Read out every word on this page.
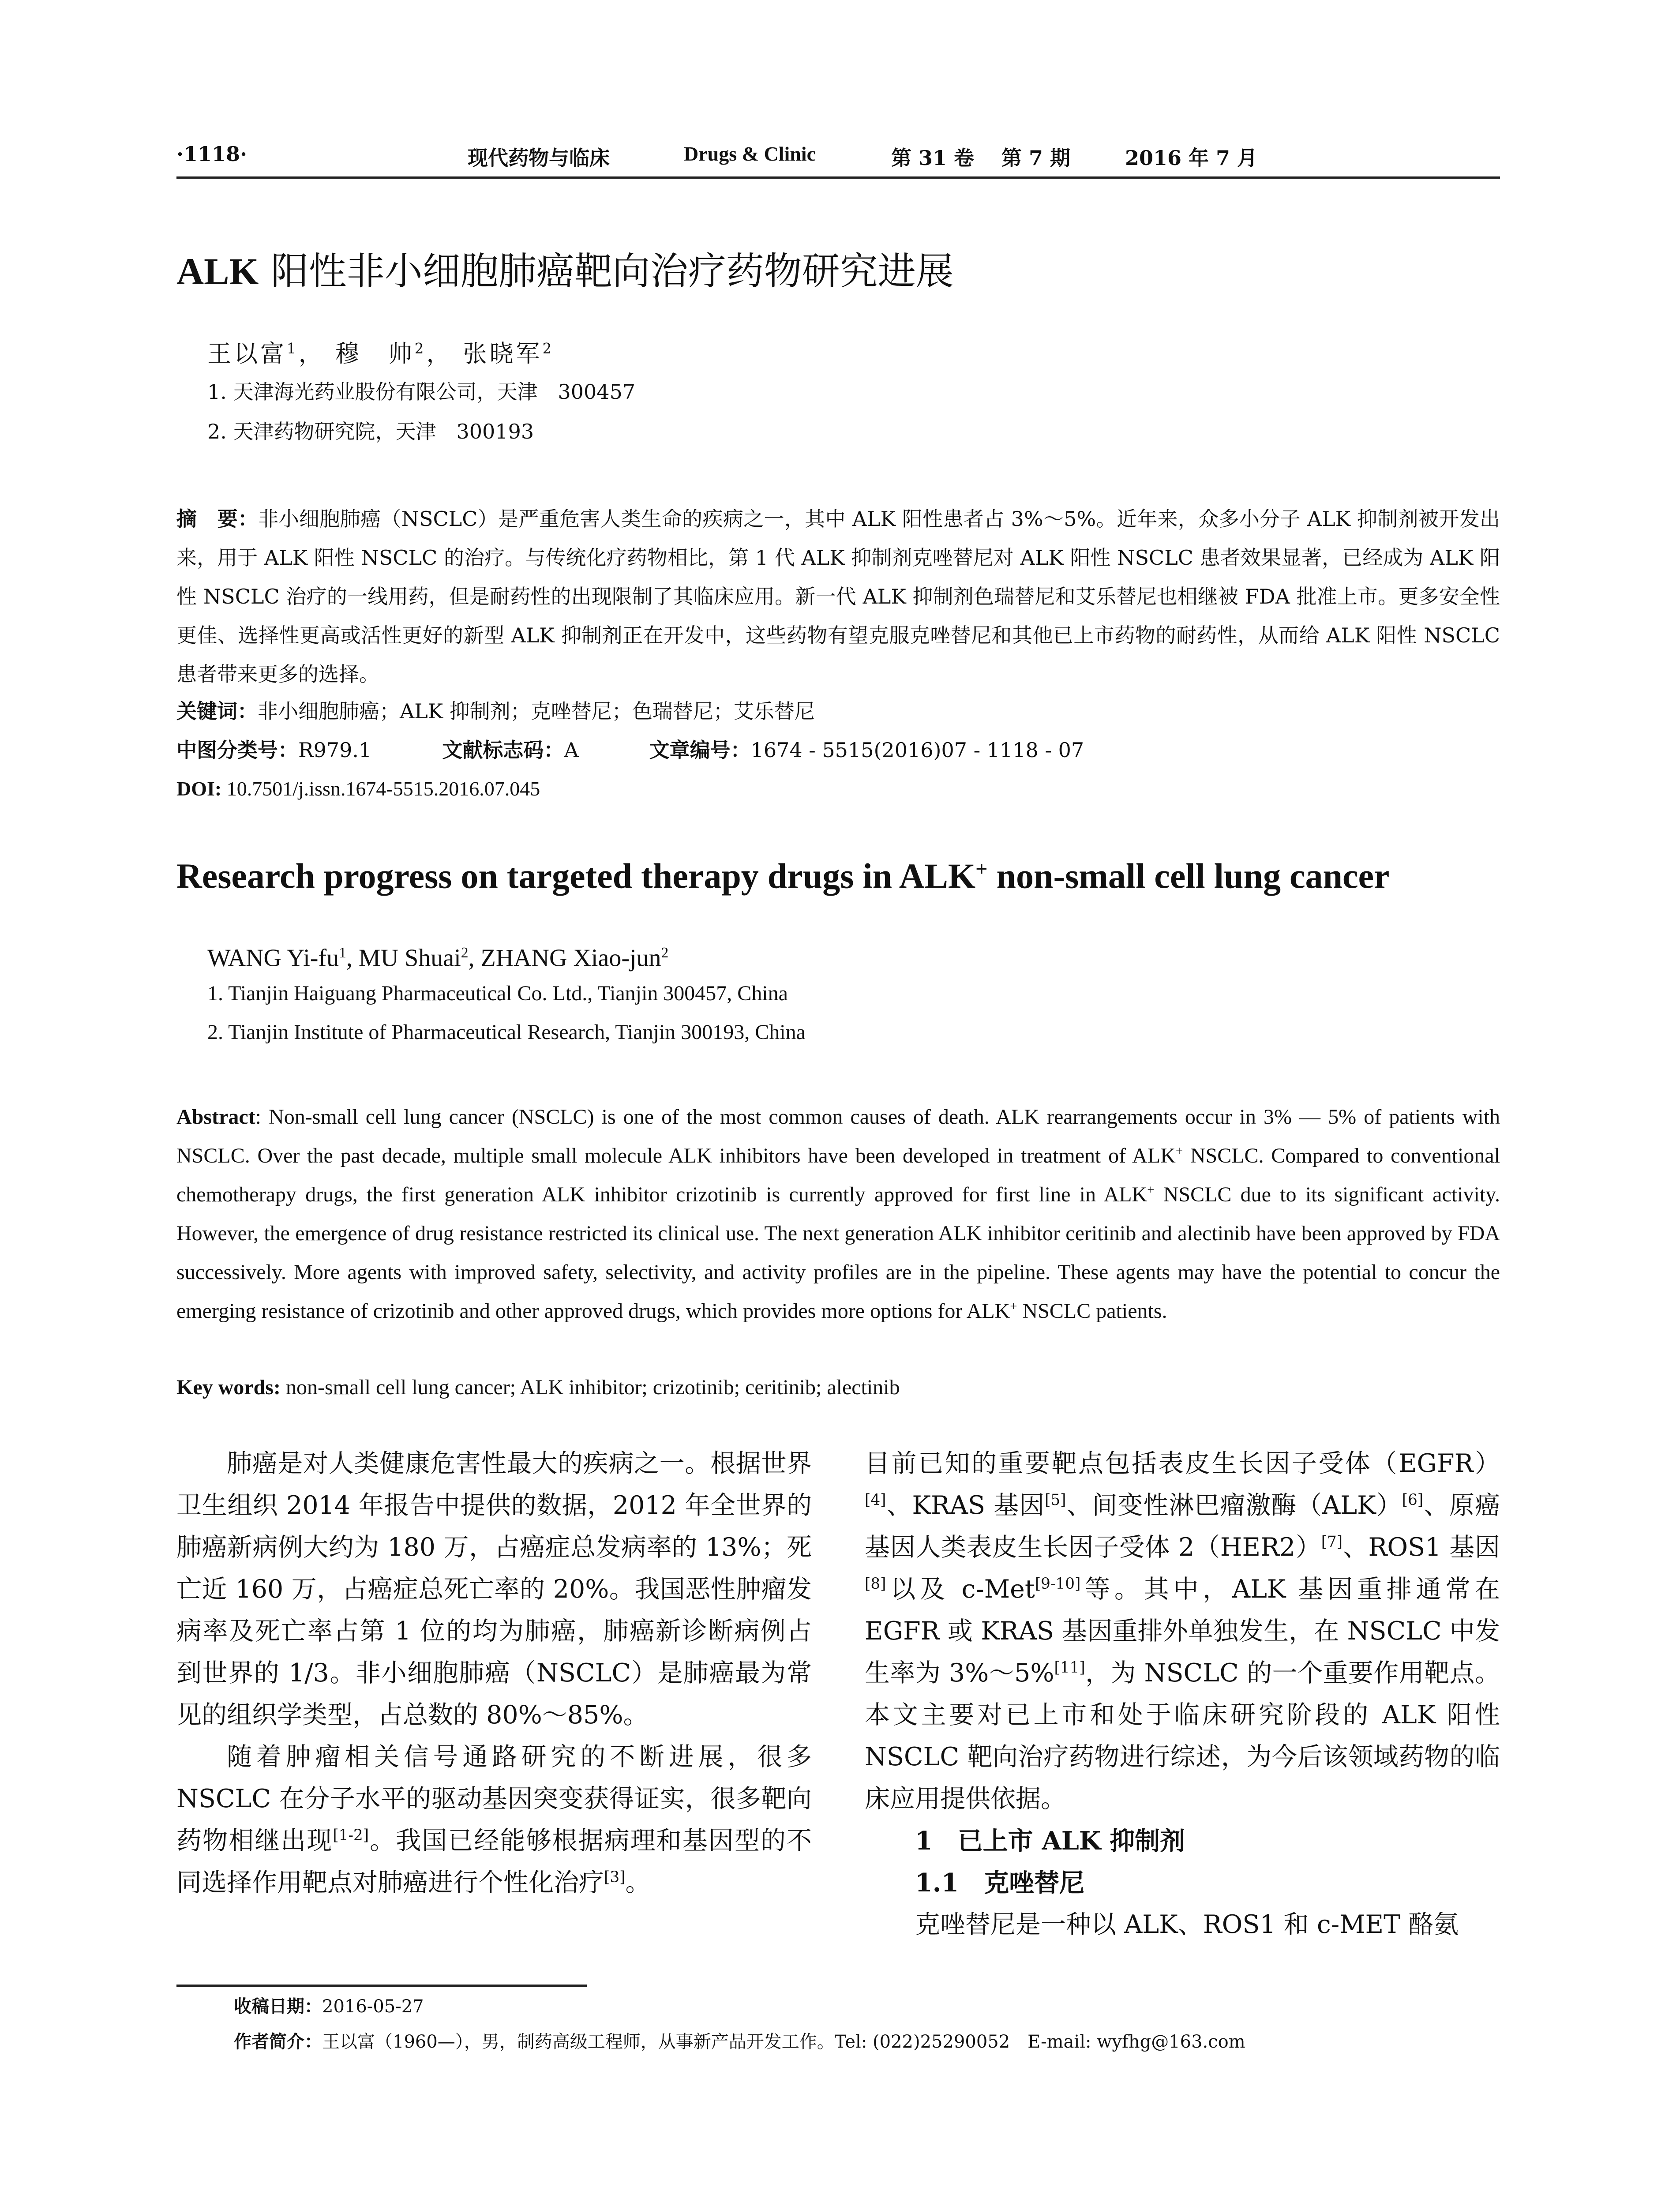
·1118·	现代药物与临床	Drugs & Clinic	第 31 卷 第 7 期	2016 年 7 月
ALK 阳性非小细胞肺癌靶向治疗药物研究进展
王以富$^1$， 穆　帅$^2$， 张晓军$^2$
1. 天津海光药业股份有限公司，天津　300457
2. 天津药物研究院，天津　300193
摘　要：非小细胞肺癌（NSCLC）是严重危害人类生命的疾病之一，其中 ALK 阳性患者占 3%～5%。近年来，众多小分子 ALK 抑制剂被开发出来，用于 ALK 阳性 NSCLC 的治疗。与传统化疗药物相比，第 1 代 ALK 抑制剂克唑替尼对 ALK 阳性 NSCLC 患者效果显著，已经成为 ALK 阳性 NSCLC 治疗的一线用药，但是耐药性的出现限制了其临床应用。新一代 ALK 抑制剂色瑞替尼和艾乐替尼也相继被 FDA 批准上市。更多安全性更佳、选择性更高或活性更好的新型 ALK 抑制剂正在开发中，这些药物有望克服克唑替尼和其他已上市药物的耐药性，从而给 ALK 阳性 NSCLC 患者带来更多的选择。
关键词：非小细胞肺癌；ALK 抑制剂；克唑替尼；色瑞替尼；艾乐替尼
中图分类号：R979.1	文献标志码：A	文章编号：1674 - 5515(2016)07 - 1118 - 07
DOI: 10.7501/j.issn.1674-5515.2016.07.045
Research progress on targeted therapy drugs in ALK+ non-small cell lung cancer
WANG $Yi-fu^1$, MU Shuai$^2$, ZHANG Xiao-jun$^2$
1. Tianjin Haiguang Pharmaceutical Co. Ltd., Tianjin 300457, China
2. Tianjin Institute of Pharmaceutical Research, Tianjin 300193, China
Abstract: Non-small cell lung cancer (NSCLC) is one of the most common causes of death. ALK rearrangements occur in 3% — 5% of patients with NSCLC. Over the past decade, multiple small molecule ALK inhibitors have been developed in treatment of ALK+ NSCLC. Compared to conventional chemotherapy drugs, the first generation ALK inhibitor crizotinib is currently approved for first line in ALK+ NSCLC due to its significant activity. However, the emergence of drug resistance restricted its clinical use. The next generation ALK inhibitor ceritinib and alectinib have been approved by FDA successively. More agents with improved safety, selectivity, and activity profiles are in the pipeline. These agents may have the potential to concur the emerging resistance of crizotinib and other approved drugs, which provides more options for ALK+ NSCLC patients.
Key words: non-small cell lung cancer; ALK inhibitor; crizotinib; ceritinib; alectinib

肺癌是对人类健康危害性最大的疾病之一。根据世界卫生组织 2014 年报告中提供的数据，2012 年全世界的肺癌新病例大约为 180 万，占癌症总发病率的 13%；死亡近 160 万，占癌症总死亡率的 20%。我国恶性肿瘤发病率及死亡率占第 1 位的均为肺癌，肺癌新诊断病例占到世界的 1/3。非小细胞肺癌（NSCLC）是肺癌最为常见的组织学类型，占总数的 80%～85%。

随着肿瘤相关信号通路研究的不断进展，很多 NSCLC 在分子水平的驱动基因突变获得证实，很多靶向药物相继出现[1-2]。我国已经能够根据病理和基因型的不同选择作用靶点对肺癌进行个性化治疗[3]。

目前已知的重要靶点包括表皮生长因子受体（EGFR）[4]、KRAS 基因[5]、间变性淋巴瘤激酶（ALK）[6]、原癌基因人类表皮生长因子受体 2（HER2）[7]、ROS1 基因[8]以及 c-Met[9-10]等。其中，ALK 基因重排通常在 EGFR 或 KRAS 基因重排外单独发生，在 NSCLC 中发生率为 3%～5%[11]，为 NSCLC 的一个重要作用靶点。本文主要对已上市和处于临床研究阶段的 ALK 阳性 NSCLC 靶向治疗药物进行综述，为今后该领域药物的临床应用提供依据。

1　已上市 ALK 抑制剂

1.1　克唑替尼

克唑替尼是一种以 ALK、ROS1 和 c-MET 酪氨

收稿日期：2016-05-27
作者简介：王以富（1960—），男，制药高级工程师，从事新产品开发工作。Tel: (022)25290052　E-mail: wyfhg@163.com
